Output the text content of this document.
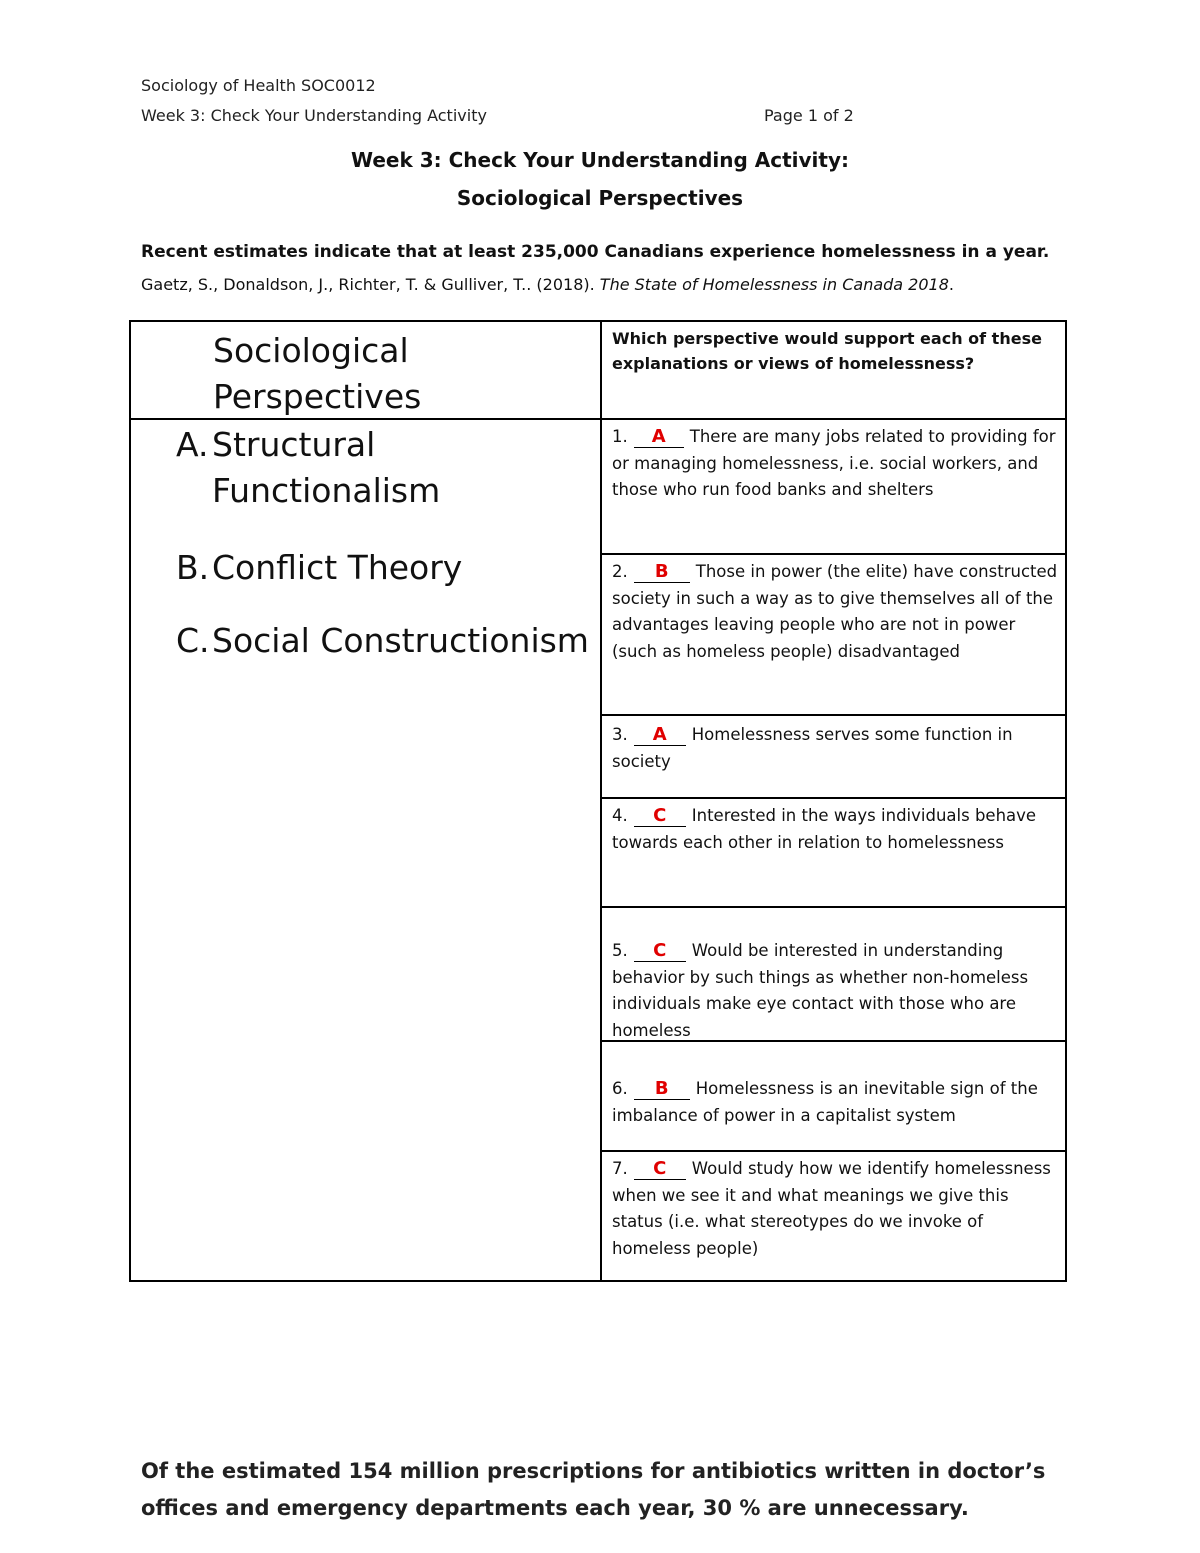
Sociology of Health SOC0012
Week 3: Check Your Understanding Activity	Page 1 of 2
Week 3: Check Your Understanding Activity:
Sociological Perspectives
Recent estimates indicate that at least 235,000 Canadians experience homelessness in a year.
Gaetz, S., Donaldson, J., Richter, T. & Gulliver, T.. (2018). The State of Homelessness in Canada 2018.
Sociological Perspectives
Which perspective would support each of these explanations or views of homelessness?
A. Structural Functionalism
B.Conflict Theory
C.Social Constructionism
1. A There are many jobs related to providing for or managing homelessness, i.e. social workers, and those who run food banks and shelters
2. B Those in power (the elite) have constructed society in such a way as to give themselves all of the advantages leaving people who are not in power (such as homeless people) disadvantaged
3. A Homelessness serves some function in society
4. C Interested in the ways individuals behave towards each other in relation to homelessness
5. C Would be interested in understanding behavior by such things as whether non-homeless individuals make eye contact with those who are homeless
6. B Homelessness is an inevitable sign of the imbalance of power in a capitalist system
7. C Would study how we identify homelessness when we see it and what meanings we give this status (i.e. what stereotypes do we invoke of homeless people)
Of the estimated 154 million prescriptions for antibiotics written in doctor’s offices and emergency departments each year, 30 % are unnecessary.
